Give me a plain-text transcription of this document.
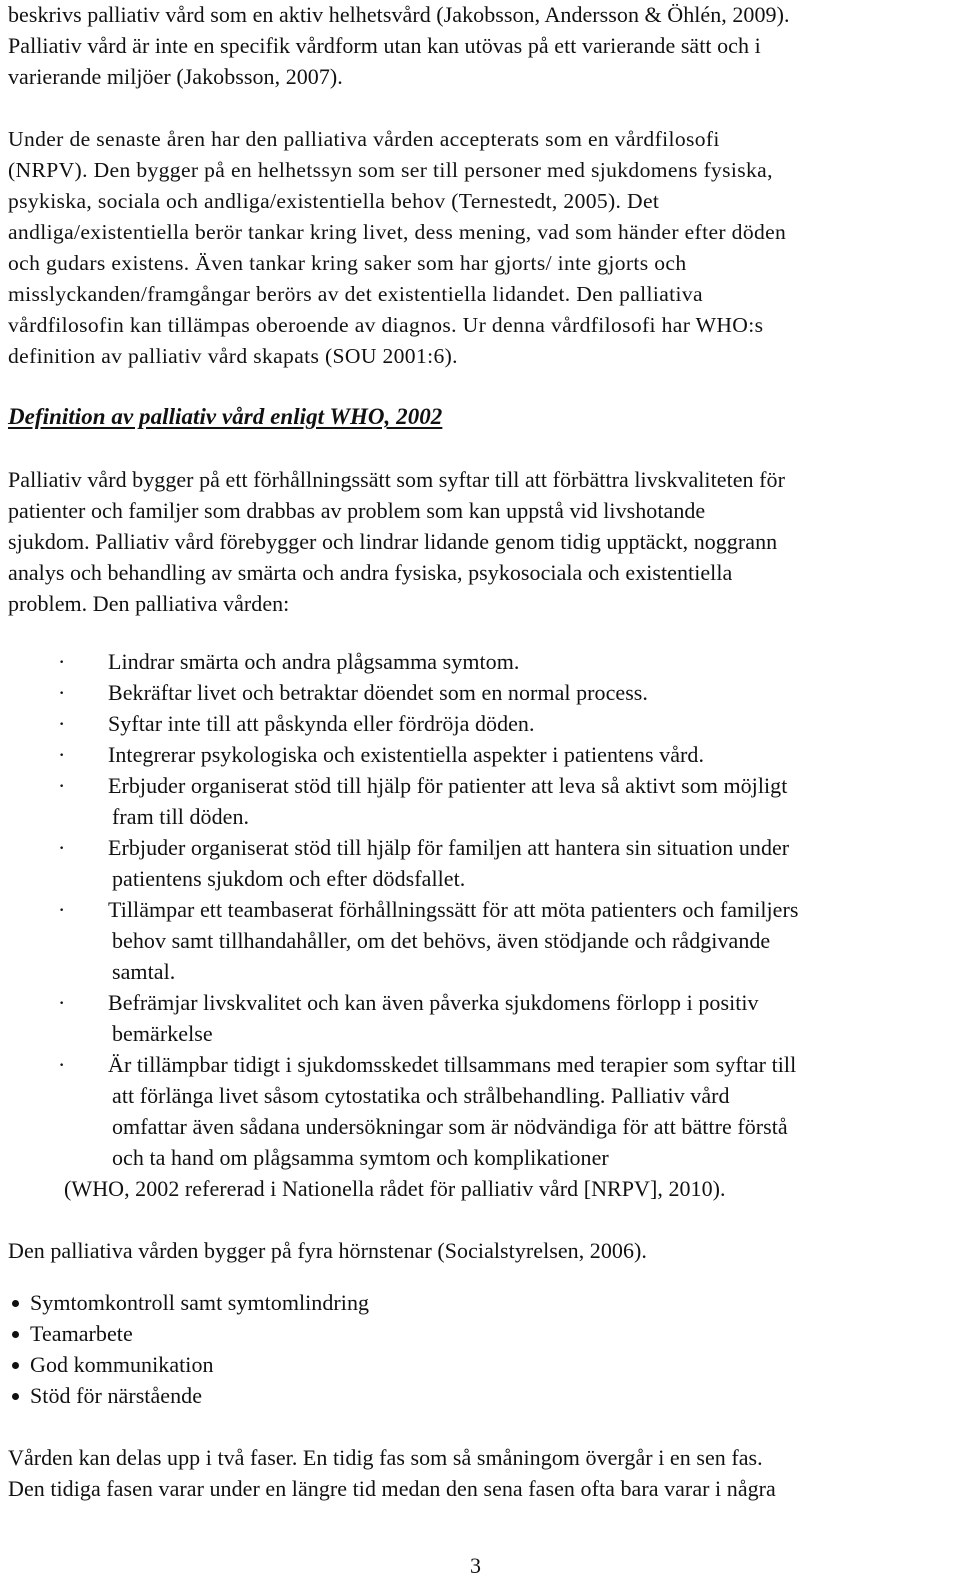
beskrivs palliativ vård som en aktiv helhetsvård (Jakobsson, Andersson & Öhlén, 2009).
Palliativ vård är inte en specifik vårdform utan kan utövas på ett varierande sätt och i
varierande miljöer (Jakobsson, 2007).
Under de senaste åren har den palliativa vården accepterats som en vårdfilosofi
(NRPV). Den bygger på en helhetssyn som ser till personer med sjukdomens fysiska,
psykiska, sociala och andliga/existentiella behov (Ternestedt, 2005). Det
andliga/existentiella berör tankar kring livet, dess mening, vad som händer efter döden
och gudars existens. Även tankar kring saker som har gjorts/ inte gjorts och
misslyckanden/framgångar berörs av det existentiella lidandet. Den palliativa
vårdfilosofin kan tillämpas oberoende av diagnos. Ur denna vårdfilosofi har WHO:s
definition av palliativ vård skapats (SOU 2001:6).
Definition av palliativ vård enligt WHO, 2002
Palliativ vård bygger på ett förhållningssätt som syftar till att förbättra livskvaliteten för
patienter och familjer som drabbas av problem som kan uppstå vid livshotande
sjukdom. Palliativ vård förebygger och lindrar lidande genom tidig upptäckt, noggrann
analys och behandling av smärta och andra fysiska, psykosociala och existentiella
problem. Den palliativa vården:
· Lindrar smärta och andra plågsamma symtom.
· Bekräftar livet och betraktar döendet som en normal process.
· Syftar inte till att påskynda eller fördröja döden.
· Integrerar psykologiska och existentiella aspekter i patientens vård.
· Erbjuder organiserat stöd till hjälp för patienter att leva så aktivt som möjligt
fram till döden.
· Erbjuder organiserat stöd till hjälp för familjen att hantera sin situation under
patientens sjukdom och efter dödsfallet.
· Tillämpar ett teambaserat förhållningssätt för att möta patienters och familjers
behov samt tillhandahåller, om det behövs, även stödjande och rådgivande
samtal.
· Befrämjar livskvalitet och kan även påverka sjukdomens förlopp i positiv
bemärkelse
· Är tillämpbar tidigt i sjukdomsskedet tillsammans med terapier som syftar till
att förlänga livet såsom cytostatika och strålbehandling. Palliativ vård
omfattar även sådana undersökningar som är nödvändiga för att bättre förstå
och ta hand om plågsamma symtom och komplikationer
(WHO, 2002 refererad i Nationella rådet för palliativ vård [NRPV], 2010).
Den palliativa vården bygger på fyra hörnstenar (Socialstyrelsen, 2006).
Symtomkontroll samt symtomlindring
Teamarbete
God kommunikation
Stöd för närstående
Vården kan delas upp i två faser. En tidig fas som så småningom övergår i en sen fas.
Den tidiga fasen varar under en längre tid medan den sena fasen ofta bara varar i några
3
